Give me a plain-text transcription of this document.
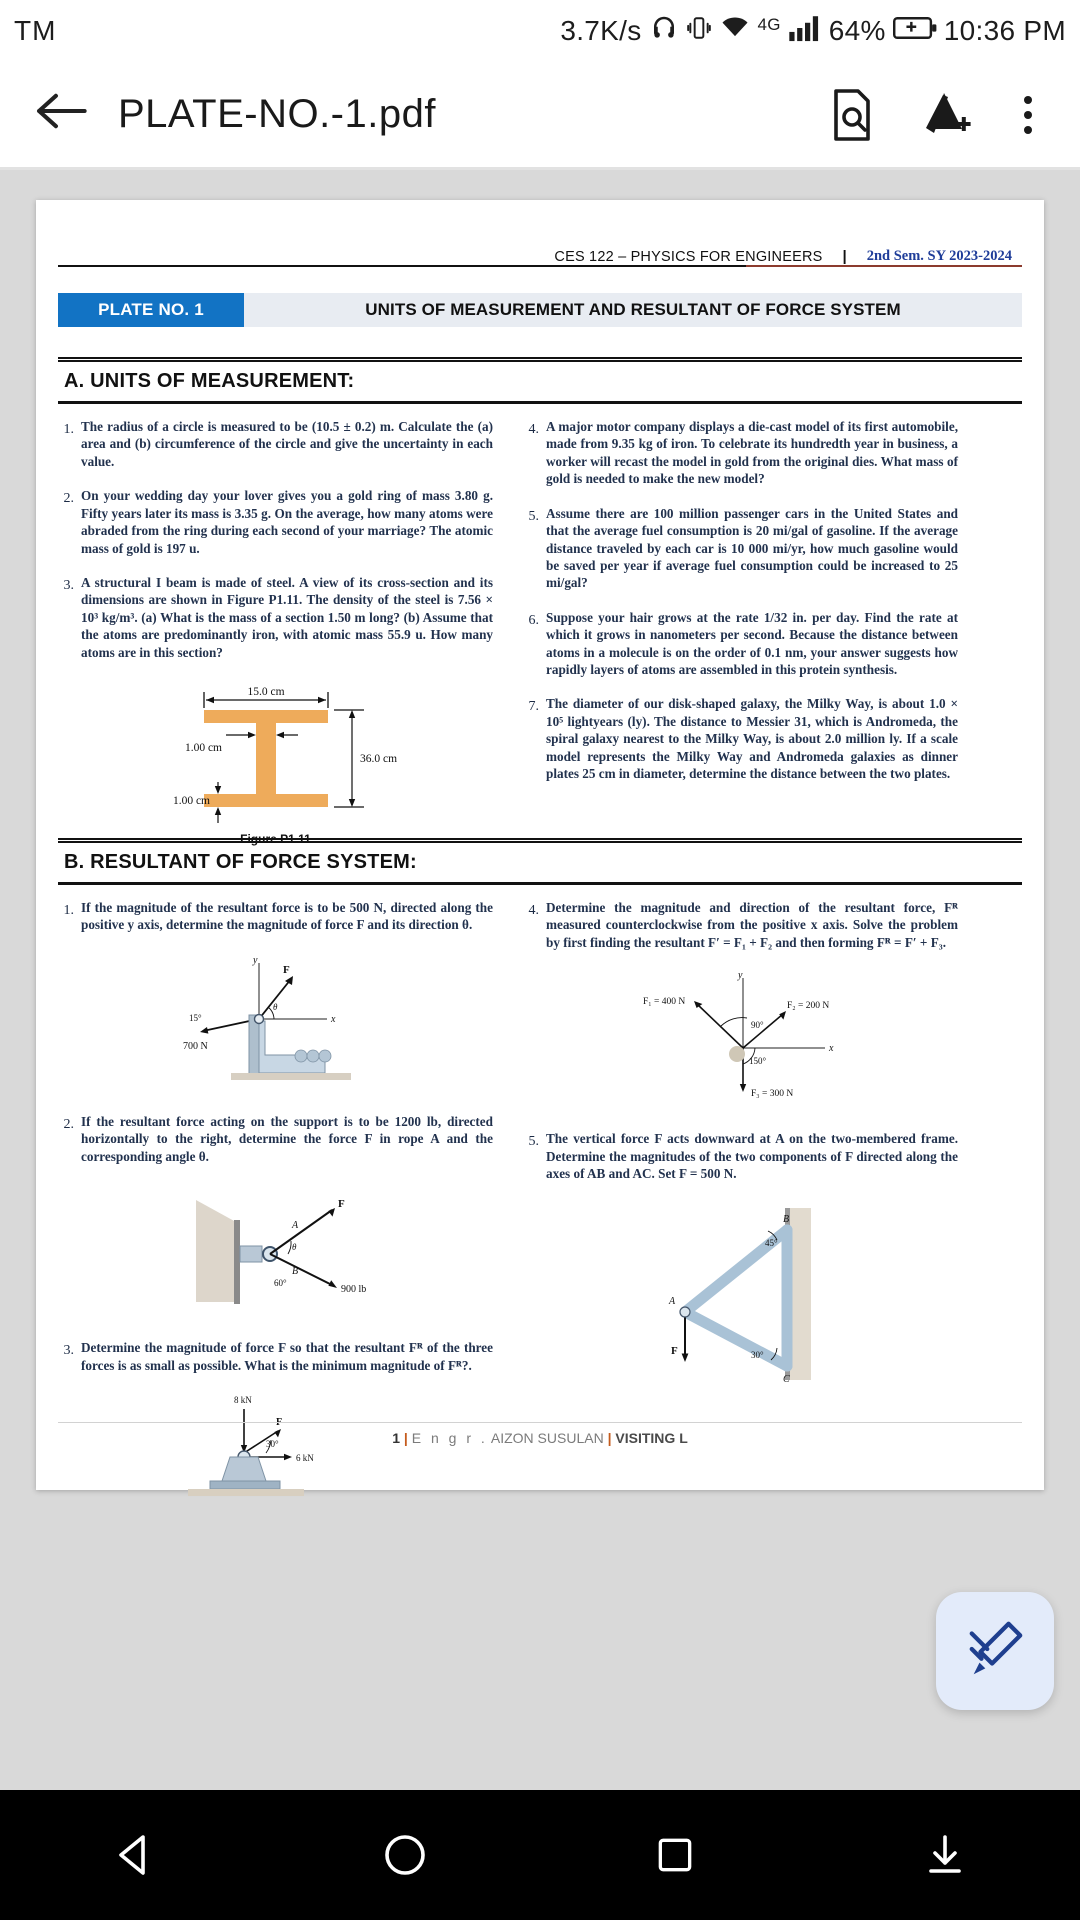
TM	3.7K/s	$^{4G}$ 64% 10:36 PM
PLATE-NO.-1.pdf
CES 122 – PHYSICS FOR ENGINEERS	|	2nd Sem. SY 2023-2024
PLATE NO. 1	UNITS OF MEASUREMENT AND RESULTANT OF FORCE SYSTEM
A. UNITS OF MEASUREMENT:
1. The radius of a circle is measured to be (10.5 ± 0.2) m. Calculate the (a) area and (b) circumference of the circle and give the uncertainty in each value.
2. On your wedding day your lover gives you a gold ring of mass 3.80 g. Fifty years later its mass is 3.35 g. On the average, how many atoms were abraded from the ring during each second of your marriage? The atomic mass of gold is 197 u.
3. A structural I beam is made of steel. A view of its cross-section and its dimensions are shown in Figure P1.11. The density of the steel is 7.56 × 10³ kg/m³. (a) What is the mass of a section 1.50 m long? (b) Assume that the atoms are predominantly iron, with atomic mass 55.9 u. How many atoms are in this section?
15.0 cm
1.00 cm
36.0 cm
1.00 cm
Figure P1.11
4. A major motor company displays a die-cast model of its first automobile, made from 9.35 kg of iron. To celebrate its hundredth year in business, a worker will recast the model in gold from the original dies. What mass of gold is needed to make the new model?
5. Assume there are 100 million passenger cars in the United States and that the average fuel consumption is 20 mi/gal of gasoline. If the average distance traveled by each car is 10 000 mi/yr, how much gasoline would be saved per year if average fuel consumption could be increased to 25 mi/gal?
6. Suppose your hair grows at the rate 1/32 in. per day. Find the rate at which it grows in nanometers per second. Because the distance between atoms in a molecule is on the order of 0.1 nm, your answer suggests how rapidly layers of atoms are assembled in this protein synthesis.
7. The diameter of our disk-shaped galaxy, the Milky Way, is about 1.0 × 10⁵ lightyears (ly). The distance to Messier 31, which is Andromeda, the spiral galaxy nearest to the Milky Way, is about 2.0 million ly. If a scale model represents the Milky Way and Andromeda galaxies as dinner plates 25 cm in diameter, determine the distance between the two plates.
B. RESULTANT OF FORCE SYSTEM:
1. If the magnitude of the resultant force is to be 500 N, directed along the positive y axis, determine the magnitude of force F and its direction θ.
y
x
F
θ
15°
700 N
2. If the resultant force acting on the support is to be 1200 lb, directed horizontally to the right, determine the force F in rope A and the corresponding angle θ.
F
A
θ
B
60°
900 lb
3. Determine the magnitude of force F so that the resultant Fᴿ of the three forces is as small as possible. What is the minimum magnitude of Fᴿ?.
8 kN
F
30°
6 kN
4. Determine the magnitude and direction of the resultant force, Fᴿ measured counterclockwise from the positive x axis. Solve the problem by first finding the resultant F′ = F₁ + F₂ and then forming Fᴿ = F′ + F₃.
y
x
F₁ = 400 N	F₂ = 200 N
90°
F₃ = 300 N
150°
5. The vertical force F acts downward at A on the two-membered frame. Determine the magnitudes of the two components of F directed along the axes of AB and AC. Set F = 500 N.
B
C
A
45°
30°
F
1 | E n g r . AIZON SUSULAN | VISITING L
